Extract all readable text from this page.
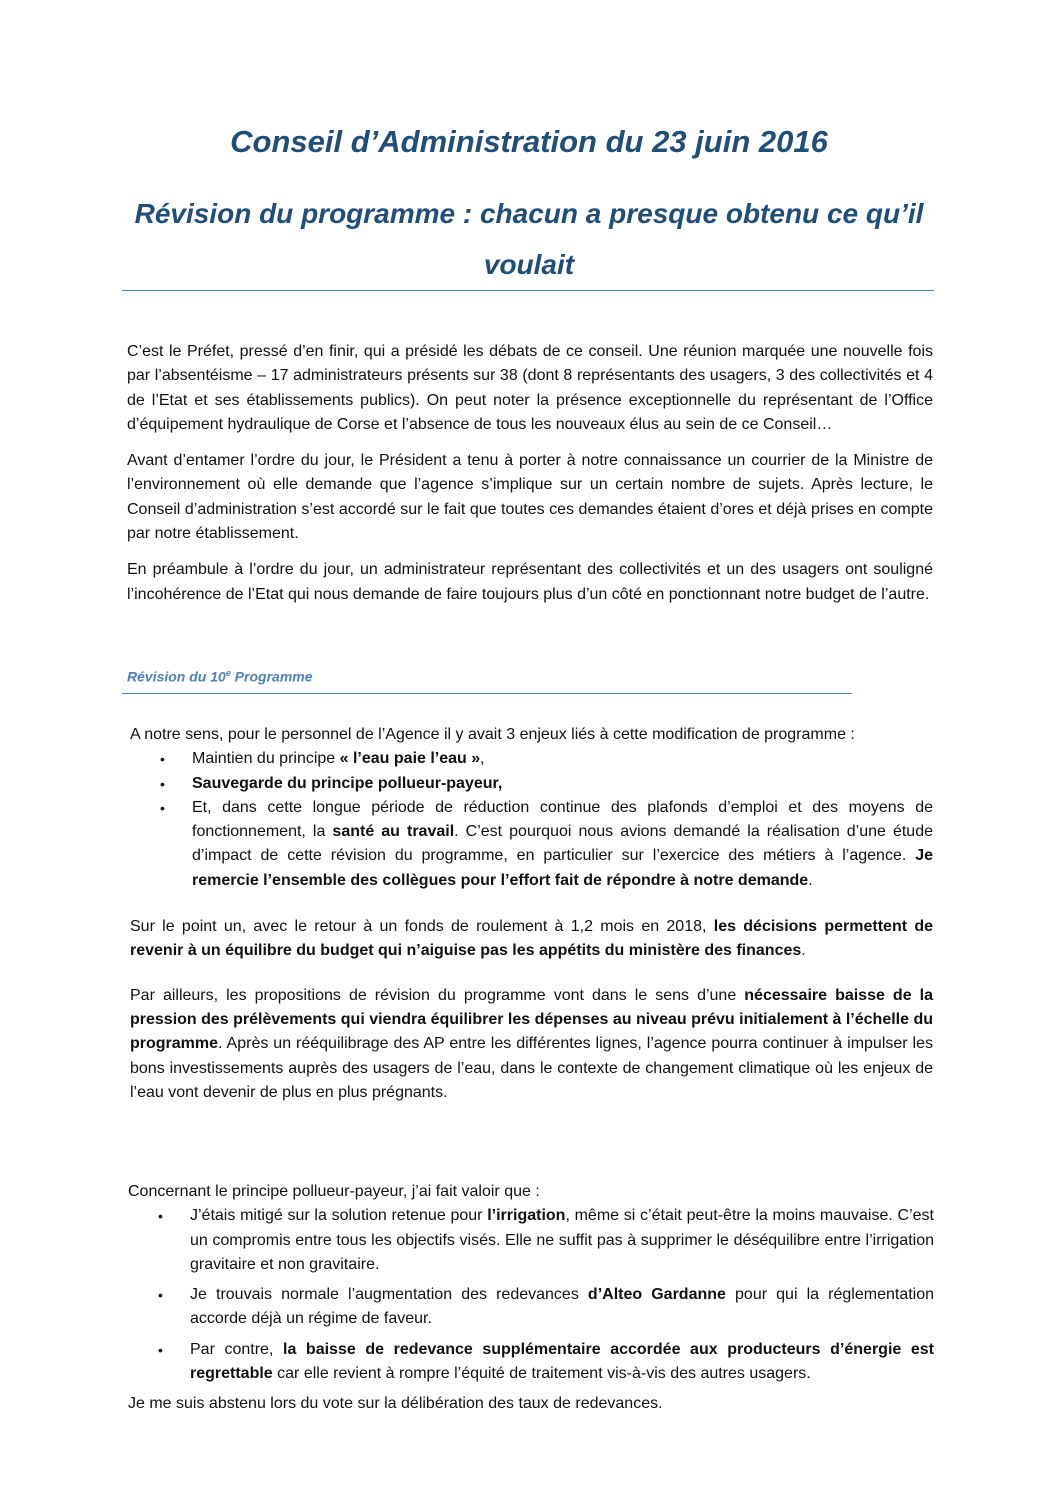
Conseil d’Administration du 23 juin 2016
Révision du programme : chacun a presque obtenu ce qu’il voulait

C’est le Préfet, pressé d’en finir, qui a présidé les débats de ce conseil. Une réunion marquée une nouvelle fois par l’absentéisme – 17 administrateurs présents sur 38 (dont 8 représentants des usagers, 3 des collectivités et 4 de l’Etat et ses établissements publics). On peut noter la présence exceptionnelle du représentant de l’Office d’équipement hydraulique de Corse et l’absence de tous les nouveaux élus au sein de ce Conseil…

Avant d’entamer l’ordre du jour, le Président a tenu à porter à notre connaissance un courrier de la Ministre de l’environnement où elle demande que l’agence s’implique sur un certain nombre de sujets. Après lecture, le Conseil d’administration s’est accordé sur le fait que toutes ces demandes étaient d’ores et déjà prises en compte par notre établissement.

En préambule à l’ordre du jour, un administrateur représentant des collectivités et un des usagers ont souligné l’incohérence de l’Etat qui nous demande de faire toujours plus d’un côté en ponctionnant notre budget de l’autre.

Révision du 10e Programme

A notre sens, pour le personnel de l’Agence il y avait 3 enjeux liés à cette modification de programme :

• Maintien du principe « l’eau paie l’eau »,
• Sauvegarde du principe pollueur-payeur,
• Et, dans cette longue période de réduction continue des plafonds d’emploi et des moyens de fonctionnement, la santé au travail. C’est pourquoi nous avions demandé la réalisation d’une étude d’impact de cette révision du programme, en particulier sur l’exercice des métiers à l’agence. Je remercie l’ensemble des collègues pour l’effort fait de répondre à notre demande.

Sur le point un, avec le retour à un fonds de roulement à 1,2 mois en 2018, les décisions permettent de revenir à un équilibre du budget qui n’aiguise pas les appétits du ministère des finances.

Par ailleurs, les propositions de révision du programme vont dans le sens d’une nécessaire baisse de la pression des prélèvements qui viendra équilibrer les dépenses au niveau prévu initialement à l’échelle du programme. Après un rééquilibrage des AP entre les différentes lignes, l’agence pourra continuer à impulser les bons investissements auprès des usagers de l’eau, dans le contexte de changement climatique où les enjeux de l’eau vont devenir de plus en plus prégnants.

Concernant le principe pollueur-payeur, j’ai fait valoir que :

• J’étais mitigé sur la solution retenue pour l’irrigation, même si c’était peut-être la moins mauvaise. C’est un compromis entre tous les objectifs visés. Elle ne suffit pas à supprimer le déséquilibre entre l’irrigation gravitaire et non gravitaire.
• Je trouvais normale l’augmentation des redevances d’Alteo Gardanne pour qui la réglementation accorde déjà un régime de faveur.
• Par contre, la baisse de redevance supplémentaire accordée aux producteurs d’énergie est regrettable car elle revient à rompre l’équité de traitement vis-à-vis des autres usagers.

Je me suis abstenu lors du vote sur la délibération des taux de redevances.
